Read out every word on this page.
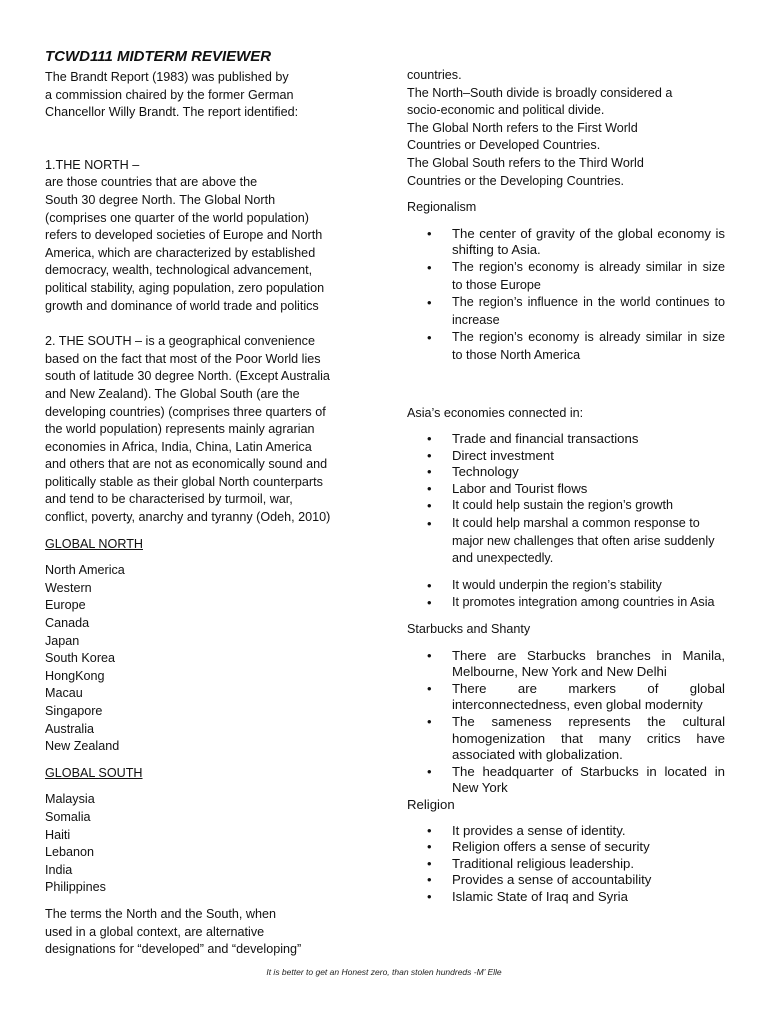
TCWD111 MIDTERM REVIEWER

The Brandt Report (1983) was published by

a commission chaired by the former German

Chancellor Willy Brandt. The report identified:

1.THE NORTH –

are those countries that are above the

South 30 degree North. The Global North

(comprises one quarter of the world population)

refers to developed societies of Europe and North

America, which are characterized by established

democracy, wealth, technological advancement,

political stability, aging population, zero population

growth and dominance of world trade and politics

2. THE SOUTH – is a geographical convenience

based on the fact that most of the Poor World lies

south of latitude 30 degree North. (Except Australia

and New Zealand). The Global South (are the

developing countries) (comprises three quarters of

the world population) represents mainly agrarian

economies in Africa, India, China, Latin America

and others that are not as economically sound and

politically stable as their global North counterparts

and tend to be characterised by turmoil, war,

conflict, poverty, anarchy and tyranny (Odeh, 2010)

GLOBAL NORTH

North America
Western
Europe
Canada
Japan
South Korea
HongKong
Macau
Singapore
Australia
New Zealand

GLOBAL SOUTH

Malaysia
Somalia
Haiti
Lebanon
India
Philippines

The terms the North and the South, when

used in a global context, are alternative

designations for “developed” and “developing”

countries.

The North–South divide is broadly considered a

socio-economic and political divide.

The Global North refers to the First World

Countries or Developed Countries.

The Global South refers to the Third World

Countries or the Developing Countries.

Regionalism

• The center of gravity of the global economy is shifting to Asia.
• The region’s economy is already similar in size to those Europe
• The region’s influence in the world continues to increase
• The region’s economy is already similar in size to those North America

Asia’s economies connected in:

• Trade and financial transactions
• Direct investment
• Technology
• Labor and Tourist flows
• It could help sustain the region’s growth
• It could help marshal a common response to major new challenges that often arise suddenly and unexpectedly.
• It would underpin the region’s stability
• It promotes integration among countries in Asia

Starbucks and Shanty

• There are Starbucks branches in Manila, Melbourne, New York and New Delhi
• There are markers of global interconnectedness, even global modernity
• The sameness represents the cultural homogenization that many critics have associated with globalization.
• The headquarter of Starbucks in located in New York

Religion

• It provides a sense of identity.
• Religion offers a sense of security
• Traditional religious leadership.
• Provides a sense of accountability
• Islamic State of Iraq and Syria
It is better to get an Honest zero, than stolen hundreds -M’ Elle
